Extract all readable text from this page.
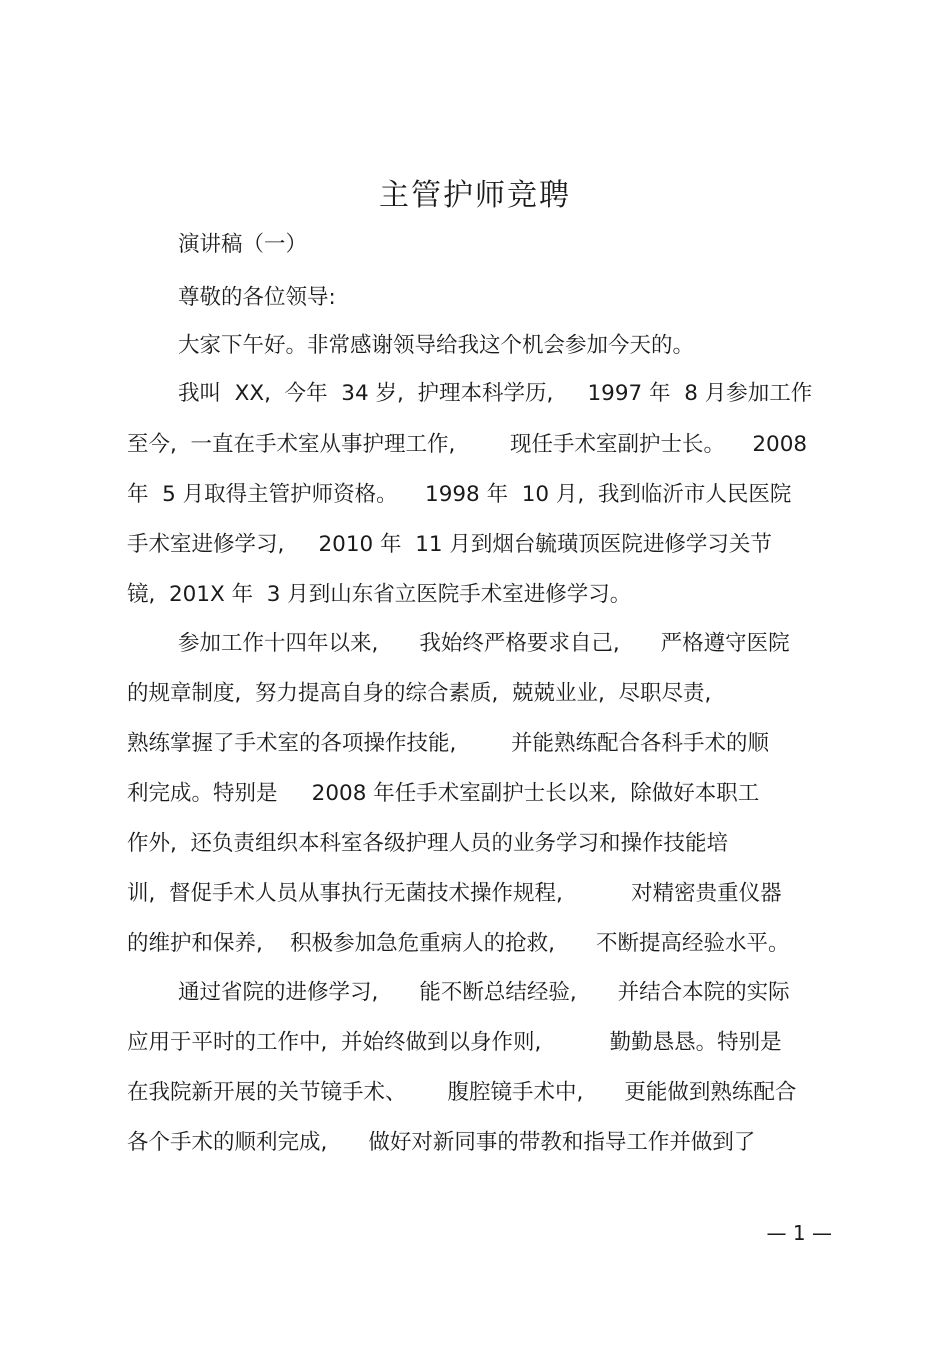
主管护师竞聘
演讲稿（一）
尊敬的各位领导:
大家下午好。非常感谢领导给我这个机会参加今天的。
我叫  XX,  今年  34 岁,  护理本科学历,     1997 年  8 月参加工作
至今,  一直在手术室从事护理工作,        现任手术室副护士长。    2008
年  5 月取得主管护师资格。    1998 年  10 月,  我到临沂市人民医院
手术室进修学习,     2010 年  11 月到烟台毓璜顶医院进修学习关节
镜,  201X 年  3 月到山东省立医院手术室进修学习。
参加工作十四年以来,      我始终严格要求自己,      严格遵守医院
的规章制度,  努力提高自身的综合素质,  兢兢业业,  尽职尽责,
熟练掌握了手术室的各项操作技能,        并能熟练配合各科手术的顺
利完成。特别是     2008 年任手术室副护士长以来,  除做好本职工
作外,  还负责组织本科室各级护理人员的业务学习和操作技能培
训,  督促手术人员从事执行无菌技术操作规程,          对精密贵重仪器
的维护和保养,    积极参加急危重病人的抢救,      不断提高经验水平。
通过省院的进修学习,      能不断总结经验,      并结合本院的实际
应用于平时的工作中,  并始终做到以身作则,          勤勤恳恳。特别是
在我院新开展的关节镜手术、      腹腔镜手术中,      更能做到熟练配合
各个手术的顺利完成,      做好对新同事的带教和指导工作并做到了
— 1 —
